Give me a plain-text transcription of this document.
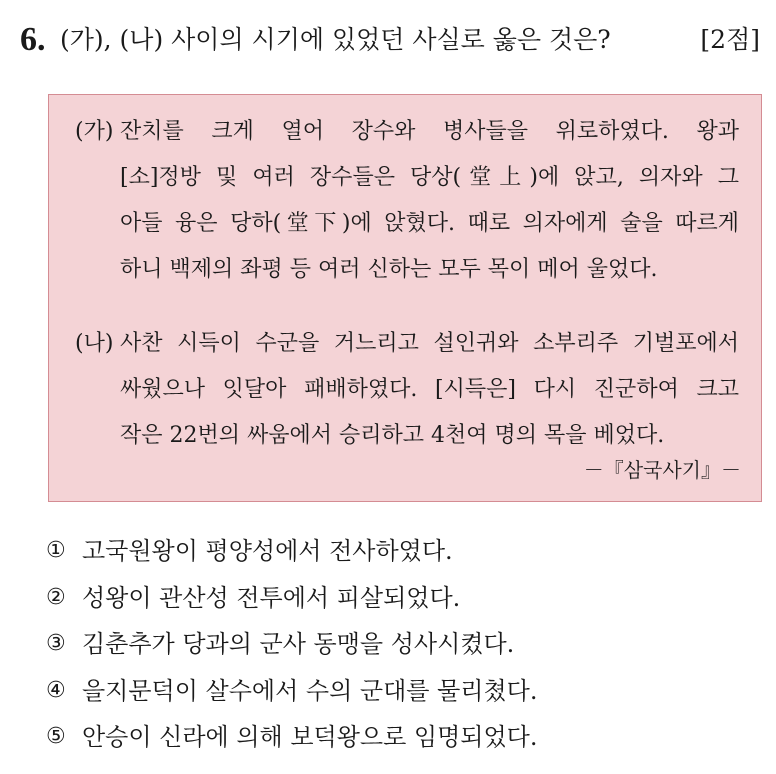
6. (가), (나) 사이의 시기에 있었던 사실로 옳은 것은?	[2점]
(가) 잔치를 크게 열어 장수와 병사들을 위로하였다. 왕과
[소]정방 및 여러 장수들은 당상(堂上)에 앉고, 의자와 그
아들 융은 당하(堂下)에 앉혔다. 때로 의자에게 술을 따르게
하니 백제의 좌평 등 여러 신하는 모두 목이 메어 울었다.
(나) 사찬 시득이 수군을 거느리고 설인귀와 소부리주 기벌포에서
싸웠으나 잇달아 패배하였다. [시득은] 다시 진군하여 크고
작은 22번의 싸움에서 승리하고 4천여 명의 목을 베었다.
－『삼국사기』－
① 고국원왕이 평양성에서 전사하였다.
② 성왕이 관산성 전투에서 피살되었다.
③ 김춘추가 당과의 군사 동맹을 성사시켰다.
④ 을지문덕이 살수에서 수의 군대를 물리쳤다.
⑤ 안승이 신라에 의해 보덕왕으로 임명되었다.
